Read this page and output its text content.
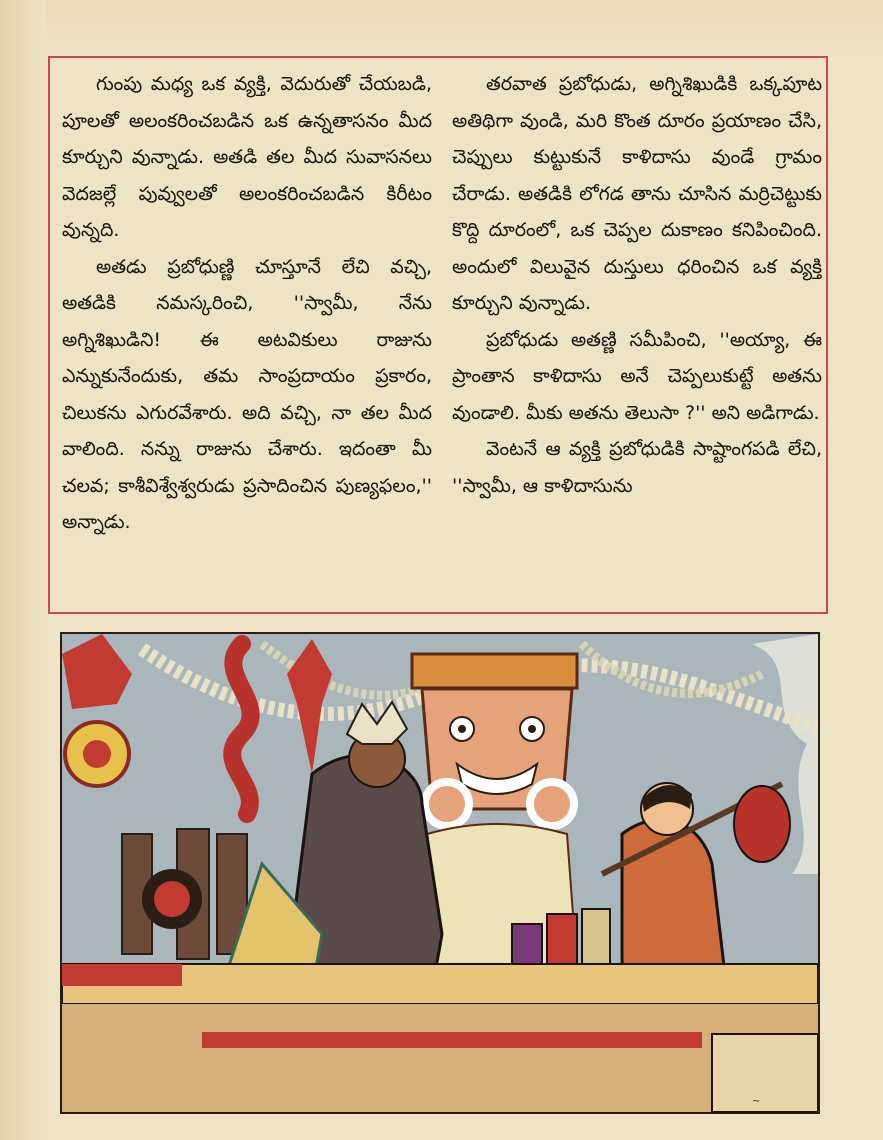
గుంపు మధ్య ఒక వ్యక్తి, వెదురుతో చేయబడి, పూలతో అలంకరించబడిన ఒక ఉన్నతాసనం మీద కూర్చుని వున్నాడు. అతడి తల మీద సువాసనలు వెదజల్లే పువ్వులతో అలంకరించబడిన కిరీటం వున్నది.

అతడు ప్రబోధుణ్ణి చూస్తూనే లేచి వచ్చి, అతడికి నమస్కరించి, ''స్వామీ, నేను అగ్నిశిఖుడిని! ఈ అటవికులు రాజును ఎన్నుకునేందుకు, తమ సాంప్రదాయం ప్రకారం, చిలుకను ఎగురవేశారు. అది వచ్చి, నా తల మీద వాలింది. నన్ను రాజును చేశారు. ఇదంతా మీ చలవ; కాశీవిశ్వేశ్వరుడు ప్రసాదించిన పుణ్యఫలం,'' అన్నాడు.

తరవాత ప్రబోధుడు, అగ్నిశిఖుడికి ఒక్కపూట అతిథిగా వుండి, మరి కొంత దూరం ప్రయాణం చేసి, చెప్పులు కుట్టుకునే కాళిదాసు వుండే గ్రామం చేరాడు. అతడికి లోగడ తాను చూసిన మర్రిచెట్టుకు కొద్ది దూరంలో, ఒక చెప్పల దుకాణం కనిపించింది. అందులో విలువైన దుస్తులు ధరించిన ఒక వ్యక్తి కూర్చుని వున్నాడు.

ప్రబోధుడు అతణ్ణి సమీపించి, ''అయ్యా, ఈ ప్రాంతాన కాళిదాసు అనే చెప్పలుకుట్టే అతను వుండాలి. మీకు అతను తెలుసా ?'' అని అడిగాడు.

వెంటనే ఆ వ్యక్తి ప్రబోధుడికి సాష్టాంగపడి లేచి, ''స్వామీ, ఆ కాళిదాసును

~
